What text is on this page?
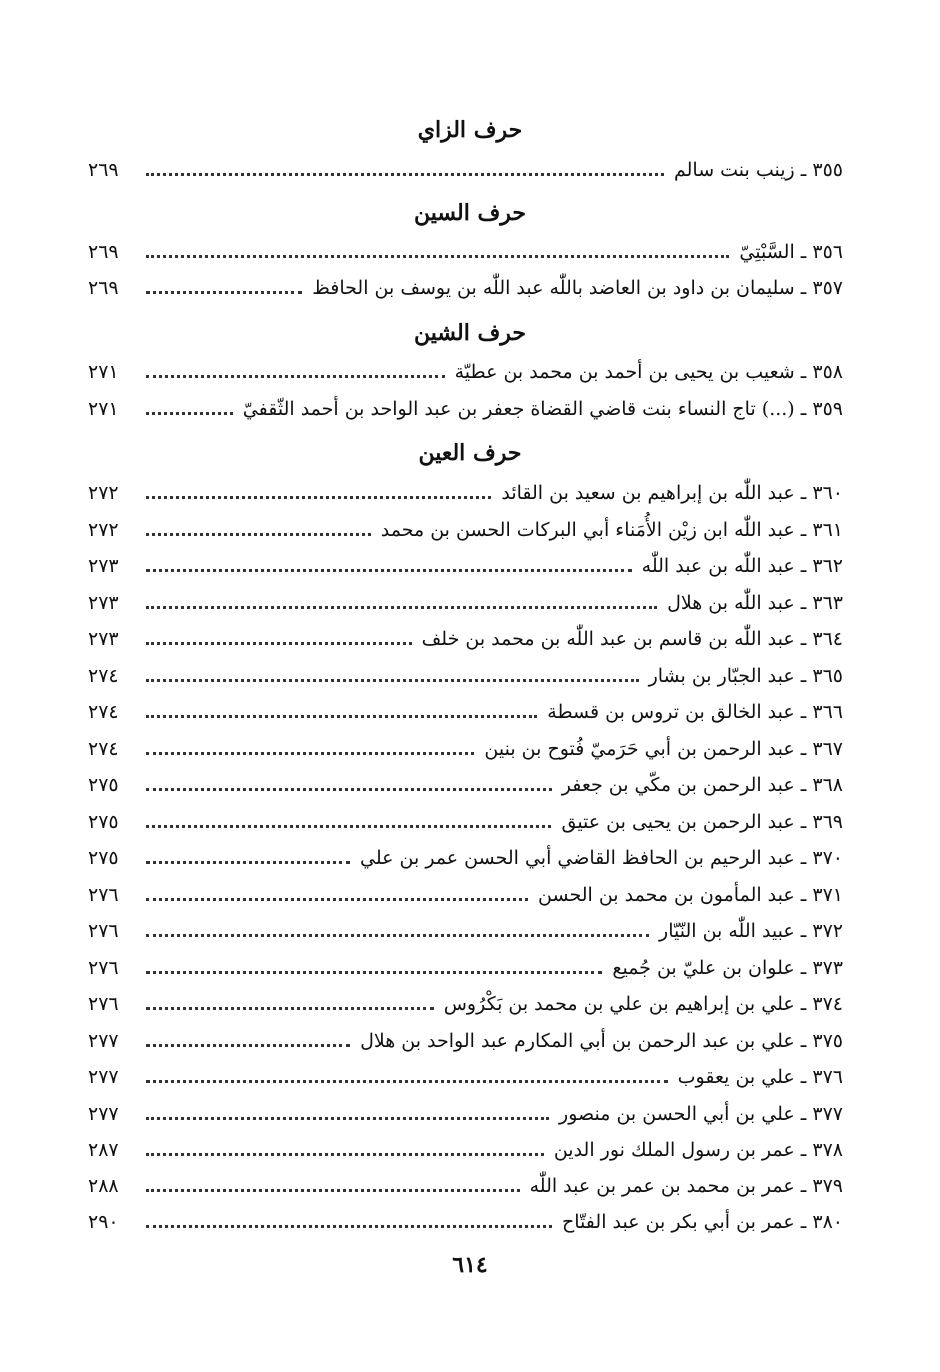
حرف الزاي
٣٥٥ ـ زينب بنت سالم
٢٦٩
حرف السين
٣٥٦ ـ السَّبْتِيّ
٢٦٩
٣٥٧ ـ سليمان بن داود بن العاضد باللّٰه عبد اللّٰه بن يوسف بن الحافظ
٢٦٩
حرف الشين
٣٥٨ ـ شعيب بن يحيى بن أحمد بن محمد بن عطيّة
٢٧١
٣٥٩ ـ (...) تاج النساء بنت قاضي القضاة جعفر بن عبد الواحد بن أحمد الثّقفيّ
٢٧١
حرف العين
٣٦٠ ـ عبد اللّٰه بن إبراهيم بن سعيد بن القائد
٢٧٢
٣٦١ ـ عبد اللّٰه ابن زيْن الأُمَناء أبي البركات الحسن بن محمد
٢٧٢
٣٦٢ ـ عبد اللّٰه بن عبد اللّٰه
٢٧٣
٣٦٣ ـ عبد اللّٰه بن هلال
٢٧٣
٣٦٤ ـ عبد اللّٰه بن قاسم بن عبد اللّٰه بن محمد بن خلف
٢٧٣
٣٦٥ ـ عبد الجبّار بن بشار
٢٧٤
٣٦٦ ـ عبد الخالق بن تروس بن قسطة
٢٧٤
٣٦٧ ـ عبد الرحمن بن أبي حَرَميّ فُتوح بن بنين
٢٧٤
٣٦٨ ـ عبد الرحمن بن مكّي بن جعفر
٢٧٥
٣٦٩ ـ عبد الرحمن بن يحيى بن عتيق
٢٧٥
٣٧٠ ـ عبد الرحيم بن الحافظ القاضي أبي الحسن عمر بن علي
٢٧٥
٣٧١ ـ عبد المأمون بن محمد بن الحسن
٢٧٦
٣٧٢ ـ عبيد اللّٰه بن النّيّار
٢٧٦
٣٧٣ ـ علوان بن عليّ بن جُميع
٢٧٦
٣٧٤ ـ علي بن إبراهيم بن علي بن محمد بن بَكْرُوس
٢٧٦
٣٧٥ ـ علي بن عبد الرحمن بن أبي المكارم عبد الواحد بن هلال
٢٧٧
٣٧٦ ـ علي بن يعقوب
٢٧٧
٣٧٧ ـ علي بن أبي الحسن بن منصور
٢٧٧
٣٧٨ ـ عمر بن رسول الملك نور الدين
٢٨٧
٣٧٩ ـ عمر بن محمد بن عمر بن عبد اللّٰه
٢٨٨
٣٨٠ ـ عمر بن أبي بكر بن عبد الفتّاح
٢٩٠
٦١٤
